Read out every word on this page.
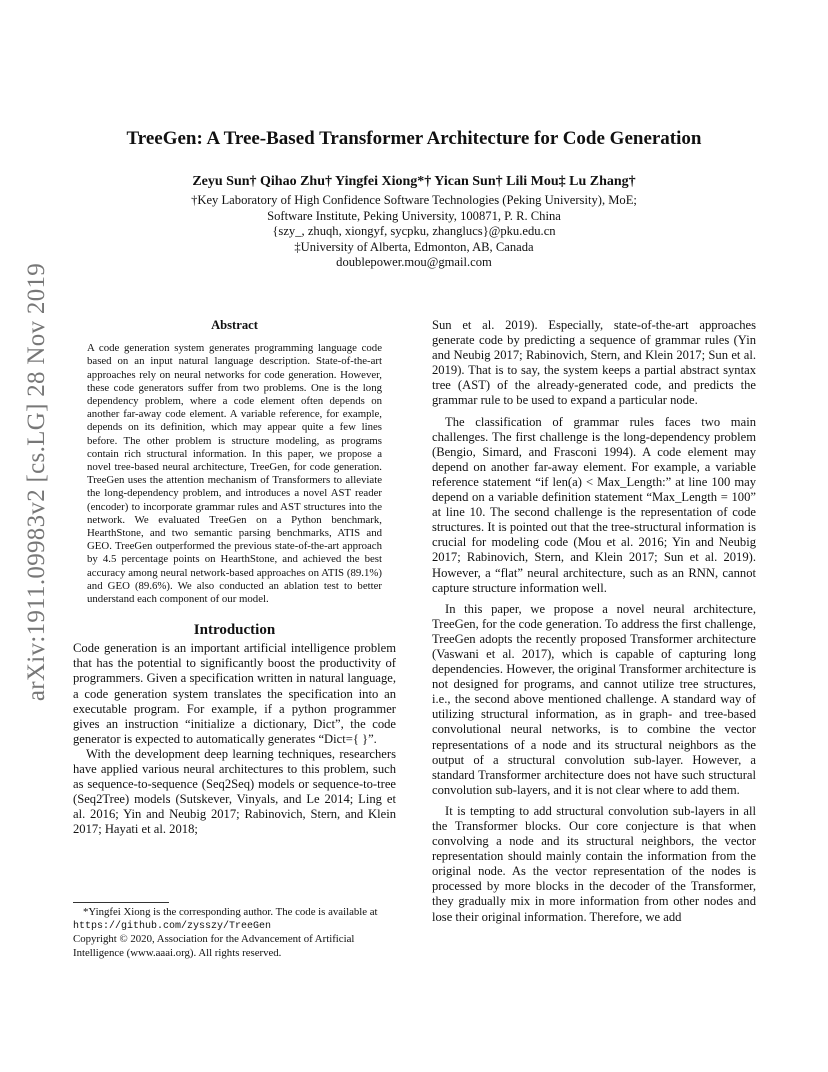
arXiv:1911.09983v2 [cs.LG] 28 Nov 2019
TreeGen: A Tree-Based Transformer Architecture for Code Generation
Zeyu Sun† Qihao Zhu† Yingfei Xiong*† Yican Sun† Lili Mou‡ Lu Zhang†
†Key Laboratory of High Confidence Software Technologies (Peking University), MoE;
Software Institute, Peking University, 100871, P. R. China
{szy_, zhuqh, xiongyf, sycpku, zhanglucs}@pku.edu.cn
‡University of Alberta, Edmonton, AB, Canada
doublepower.mou@gmail.com

Abstract

A code generation system generates programming language code based on an input natural language description. State-of-the-art approaches rely on neural networks for code generation. However, these code generators suffer from two problems. One is the long dependency problem, where a code element often depends on another far-away code element. A variable reference, for example, depends on its definition, which may appear quite a few lines before. The other problem is structure modeling, as programs contain rich structural information. In this paper, we propose a novel tree-based neural architecture, TreeGen, for code generation. TreeGen uses the attention mechanism of Transformers to alleviate the long-dependency problem, and introduces a novel AST reader (encoder) to incorporate grammar rules and AST structures into the network. We evaluated TreeGen on a Python benchmark, HearthStone, and two semantic parsing benchmarks, ATIS and GEO. TreeGen outperformed the previous state-of-the-art approach by 4.5 percentage points on HearthStone, and achieved the best accuracy among neural network-based approaches on ATIS (89.1%) and GEO (89.6%). We also conducted an ablation test to better understand each component of our model.

Introduction

Code generation is an important artificial intelligence problem that has the potential to significantly boost the productivity of programmers. Given a specification written in natural language, a code generation system translates the specification into an executable program. For example, if a python programmer gives an instruction “initialize a dictionary, Dict”, the code generator is expected to automatically generates “Dict={ }”.

With the development deep learning techniques, researchers have applied various neural architectures to this problem, such as sequence-to-sequence (Seq2Seq) models or sequence-to-tree (Seq2Tree) models (Sutskever, Vinyals, and Le 2014; Ling et al. 2016; Yin and Neubig 2017; Rabinovich, Stern, and Klein 2017; Hayati et al. 2018;

Sun et al. 2019). Especially, state-of-the-art approaches generate code by predicting a sequence of grammar rules (Yin and Neubig 2017; Rabinovich, Stern, and Klein 2017; Sun et al. 2019). That is to say, the system keeps a partial abstract syntax tree (AST) of the already-generated code, and predicts the grammar rule to be used to expand a particular node.

The classification of grammar rules faces two main challenges. The first challenge is the long-dependency problem (Bengio, Simard, and Frasconi 1994). A code element may depend on another far-away element. For example, a variable reference statement “if len(a) < Max_Length:” at line 100 may depend on a variable definition statement “Max_Length = 100” at line 10. The second challenge is the representation of code structures. It is pointed out that the tree-structural information is crucial for modeling code (Mou et al. 2016; Yin and Neubig 2017; Rabinovich, Stern, and Klein 2017; Sun et al. 2019). However, a “flat” neural architecture, such as an RNN, cannot capture structure information well.

In this paper, we propose a novel neural architecture, TreeGen, for the code generation. To address the first challenge, TreeGen adopts the recently proposed Transformer architecture (Vaswani et al. 2017), which is capable of capturing long dependencies. However, the original Transformer architecture is not designed for programs, and cannot utilize tree structures, i.e., the second above mentioned challenge. A standard way of utilizing structural information, as in graph- and tree-based convolutional neural networks, is to combine the vector representations of a node and its structural neighbors as the output of a structural convolution sub-layer. However, a standard Transformer architecture does not have such structural convolution sub-layers, and it is not clear where to add them.

It is tempting to add structural convolution sub-layers in all the Transformer blocks. Our core conjecture is that when convolving a node and its structural neighbors, the vector representation should mainly contain the information from the original node. As the vector representation of the nodes is processed by more blocks in the decoder of the Transformer, they gradually mix in more information from other nodes and lose their original information. Therefore, we add

*Yingfei Xiong is the corresponding author. The code is available at https://github.com/zysszy/TreeGen

Copyright © 2020, Association for the Advancement of Artificial Intelligence (www.aaai.org). All rights reserved.
